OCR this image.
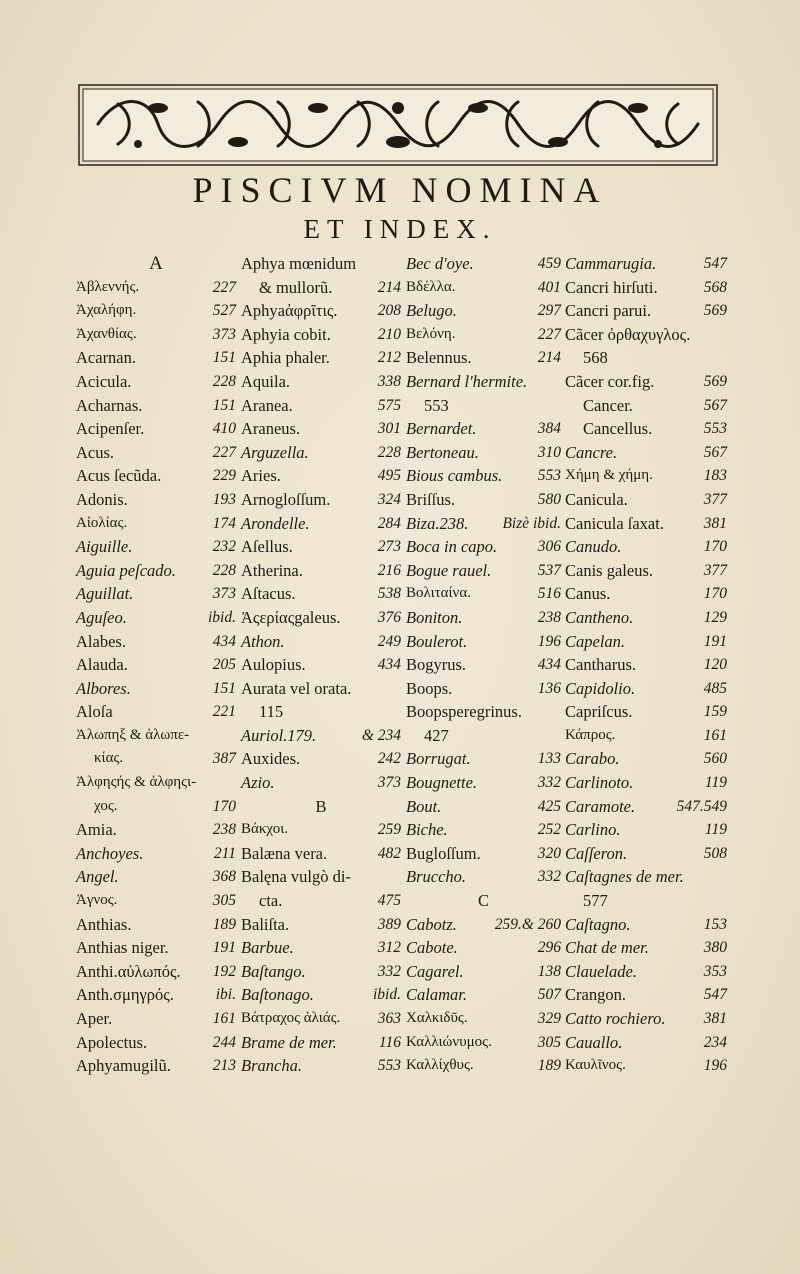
PISCIVM NOMINA
ET INDEX.
A
Ἀβλεννής.	227
Ἀχαλήφη.	527
Ἀχανθίας.	373
Acarnan.	151
Acicula.	228
Acharnas.	151
Acipenſer.	410
Acus.	227
Acus ſecũda.	229
Adonis.	193
Αἰολίας.	174
Aiguille.	232
Aguia peſcado. 228
Aguillat.	373
Aguſeo.	ibid.
Alabes.	434
Alauda.	205
Albores.	151
Aloſa	221
Ἀλωπηξ & ἀλωπε-
κίας.	387
Ἀλφηςής & ἀλφηςι-
χος.	170
Amia.	238
Anchoyes.	211
Angel.	368
Ἀγνος.	305
Anthias.	189
Anthias niger.	191
Anthi.αὐλωπός. 192
Anth.σμηγρός.	ibi.
Aper.	161
Apolectus.	244
Aphyamugilũ.	213
Aphya mœnidum
& mullorũ.	214
Aphyaἀφρῖτις.	208
Aphyia cobit.	210
Aphia phaler.	212
Aquila.	338
Aranea.	575
Araneus.	301
Arguzella.	228
Aries.	495
Arnogloſſum.	324
Arondelle.	284
Aſellus.	273
Atherina.	216
Aſtacus.	538
Ἀςερίαςgaleus. 376
Athon.	249
Aulopius.	434
Aurata vel orata.
115
Auriol.179.	& 234
Auxides.	242
Azio.	373
B
Βάκχοι.	259
Balæna vera.	482
Balęna vulgò di-
cta.	475
Baliſta.	389
Barbue.	312
Baſtango.	332
Baſtonago.	ibid.
Βάτραχος ἀλιάς. 363
Brame de mer.	116
Brancha.	553
Bec d'oye.	459
Βδέλλα.	401
Belugo.	297
Βελόνη.	227
Belennus.	214
Bernard l'hermite.
553
Bernardet.	384
Bertoneau.	310
Bious cambus. 553
Briſſus.	580
Biza.238. Bizè ibid.
Boca in capo.	306
Bogue rauel.	537
Βολιταίνα.	516
Boniton.	238
Boulerot.	196
Bogyrus.	434
Boops.	136
Boopsperegrinus.
427
Borrugat.	133
Bougnette.	332
Bout.	425
Biche.	252
Bugloſſum.	320
Bruccho.	332
C
Cabotz. 259.& 260
Cabote.	296
Cagarel.	138
Calamar.	507
Χαλκιδῦς.	329
Καλλιώνυμος.	305
Καλλίχθυς.	189
Cammarugia.	547
Cancri hirſuti.	568
Cancri parui.	569
Cãcer ὀρθαχυγλος.
568
Cãcer cor.fig.	569
Cancer.	567
Cancellus.	553
Cancre.	567
Χήμη & χήμη.	183
Canicula.	377
Canicula ſaxat.	381
Canudo.	170
Canis galeus.	377
Canus.	170
Cantheno.	129
Capelan.	191
Cantharus.	120
Capidolio.	485
Capriſcus.	159
Κάπρος.	161
Carabo.	560
Carlinoto.	119
Caramote.	547.549
Carlino.	119
Caſſeron.	508
Caſtagnes de mer.
577
Caſtagno.	153
Chat de mer.	380
Clauelade.	353
Crangon.	547
Catto rochiero. 381
Cauallo.	234
Καυλῖνος.	196
